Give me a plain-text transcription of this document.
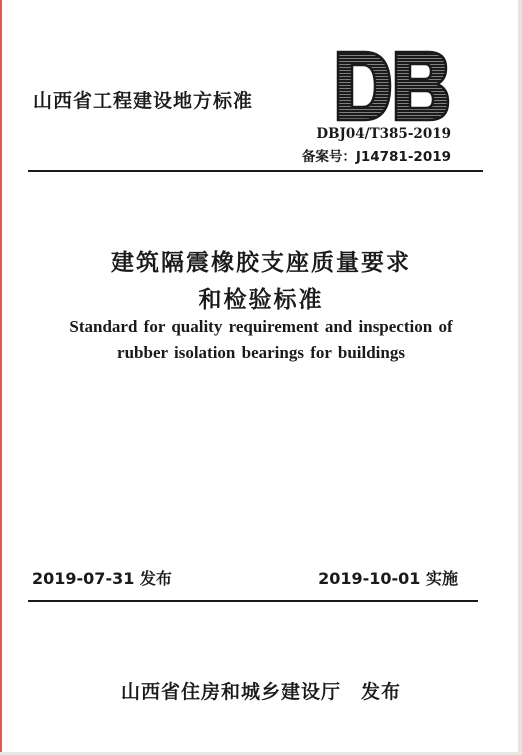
山西省工程建设地方标准
DBJ04/T385-2019
备案号：J14781-2019
建筑隔震橡胶支座质量要求
和检验标准
Standard for quality requirement and inspection of
rubber isolation bearings for buildings
2019-07-31 发布	2019-10-01 实施
山西省住房和城乡建设厅　发布
